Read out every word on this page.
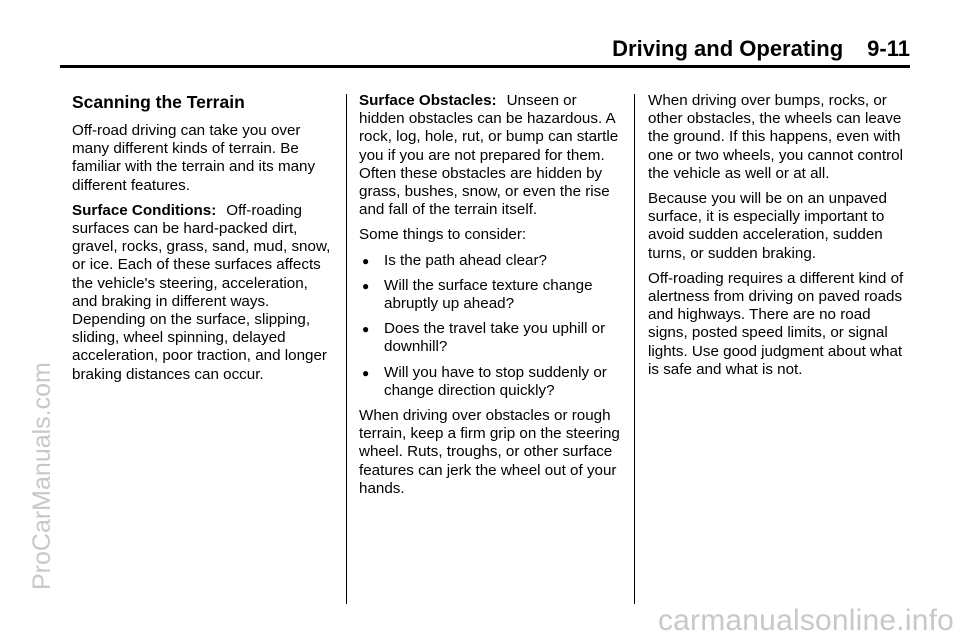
Driving and Operating 9-11
Scanning the Terrain

Off-road driving can take you over many different kinds of terrain. Be familiar with the terrain and its many different features.

Surface Conditions: Off-roading surfaces can be hard-packed dirt, gravel, rocks, grass, sand, mud, snow, or ice. Each of these surfaces affects the vehicle's steering, acceleration, and braking in different ways. Depending on the surface, slipping, sliding, wheel spinning, delayed acceleration, poor traction, and longer braking distances can occur.

Surface Obstacles: Unseen or hidden obstacles can be hazardous. A rock, log, hole, rut, or bump can startle you if you are not prepared for them. Often these obstacles are hidden by grass, bushes, snow, or even the rise and fall of the terrain itself.

Some things to consider:

● Is the path ahead clear?
● Will the surface texture change abruptly up ahead?
● Does the travel take you uphill or downhill?
● Will you have to stop suddenly or change direction quickly?

When driving over obstacles or rough terrain, keep a firm grip on the steering wheel. Ruts, troughs, or other surface features can jerk the wheel out of your hands.

When driving over bumps, rocks, or other obstacles, the wheels can leave the ground. If this happens, even with one or two wheels, you cannot control the vehicle as well or at all.

Because you will be on an unpaved surface, it is especially important to avoid sudden acceleration, sudden turns, or sudden braking.

Off-roading requires a different kind of alertness from driving on paved roads and highways. There are no road signs, posted speed limits, or signal lights. Use good judgment about what is safe and what is not.

ProCarManuals.com
carmanualsonline.info
